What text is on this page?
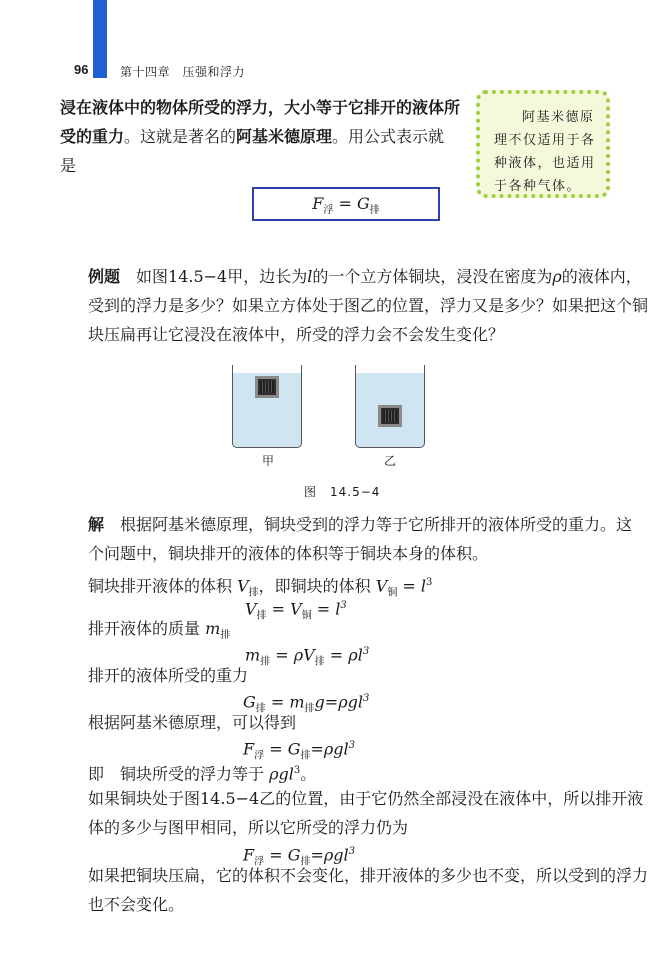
96	第十四章　压强和浮力

浸在液体中的物体所受的浮力，大小等于它排开的液体所受的重力。这就是著名的阿基米德原理。用公式表示就是

阿基米德原
理不仅适用于各
种液体，也适用
于各种气体。
$F_浮 = G_排$

例题　如图14.5−4甲，边长为l的一个立方体铜块，浸没在密度为ρ的液体内，受到的浮力是多少？如果立方体处于图乙的位置，浮力又是多少？如果把这个铜块压扁再让它浸没在液体中，所受的浮力会不会发生变化？

甲	乙
图　14.5−4

解　根据阿基米德原理，铜块受到的浮力等于它所排开的液体所受的重力。这个问题中，铜块排开的液体的体积等于铜块本身的体积。

铜块排开液体的体积 $V_排$，即铜块的体积 $V_铜 = l^3$
$V_排 = V_铜 = l^3$
排开液体的质量 $m_排$
$m_排 = \rho V_排 = \rho l^3$
排开的液体所受的重力
$G_排 = m_排g=\rho gl^3$
根据阿基米德原理，可以得到
$F_浮 = G_排=\rho gl^3$
即　铜块所受的浮力等于 ρgl$^3$。

如果铜块处于图14.5−4乙的位置，由于它仍然全部浸没在液体中，所以排开液体的多少与图甲相同，所以它所受的浮力仍为

$F_浮 = G_排=\rho gl^3$

如果把铜块压扁，它的体积不会变化，排开液体的多少也不变，所以受到的浮力也不会变化。
